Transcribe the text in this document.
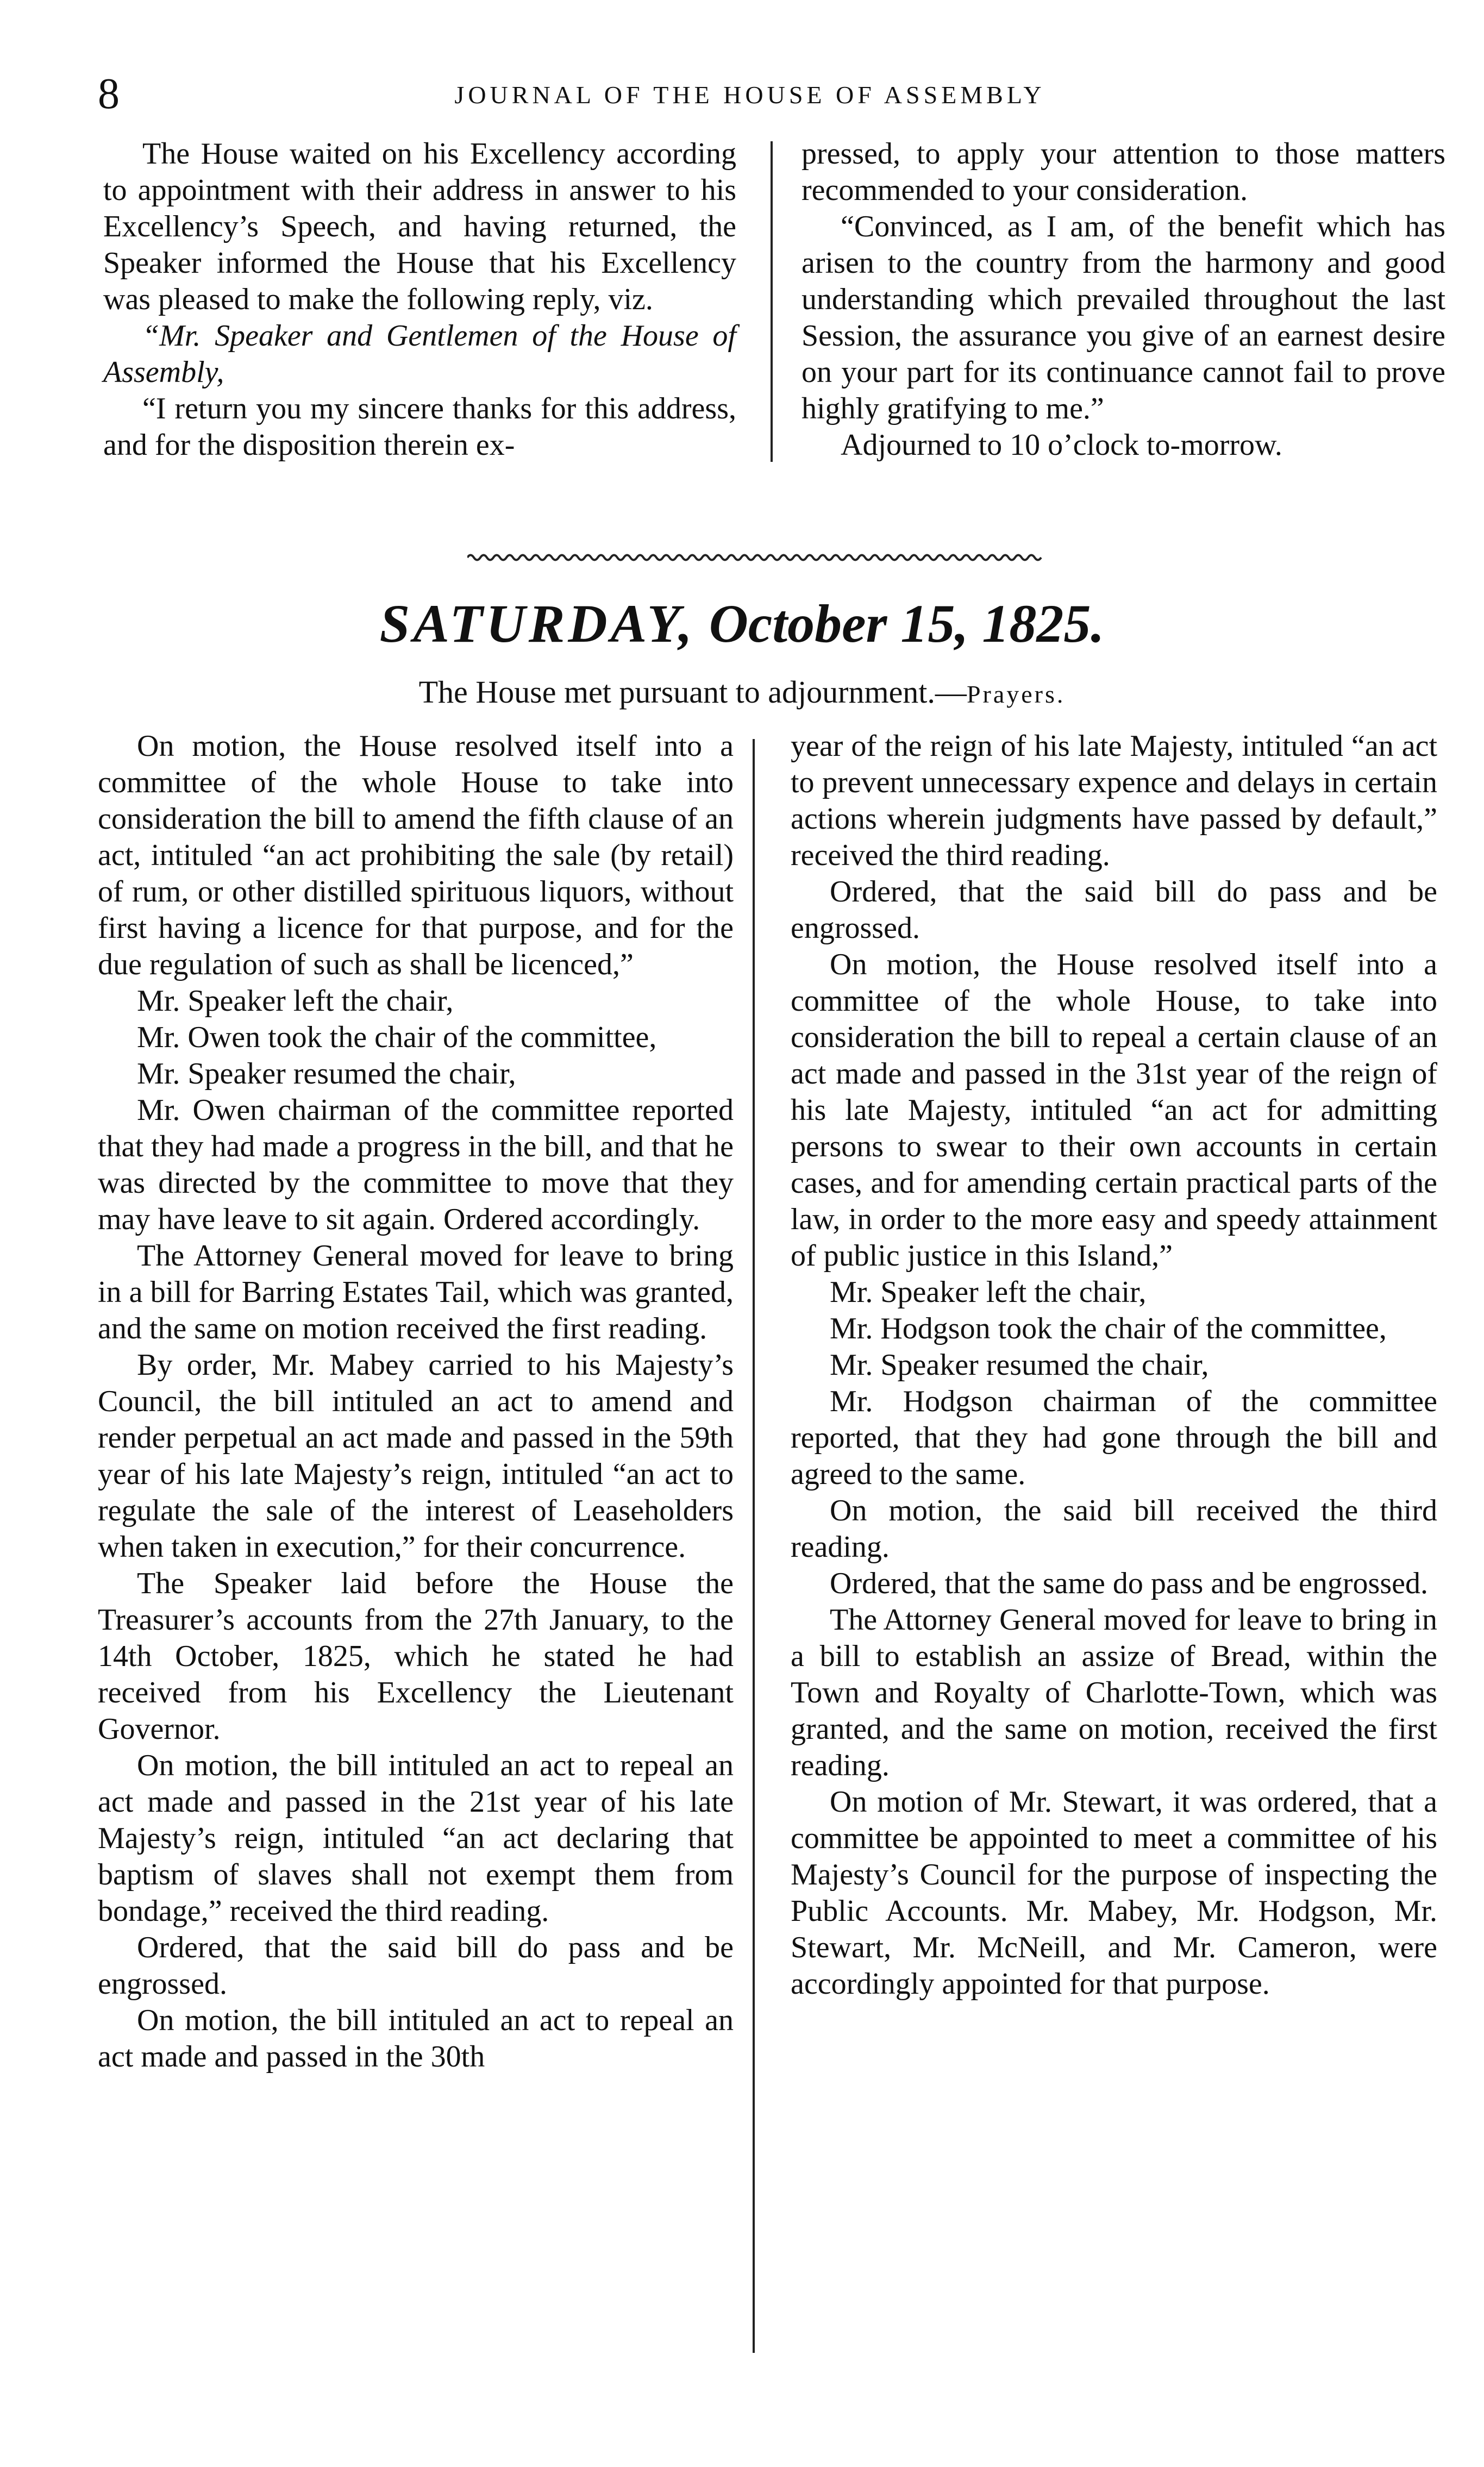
8	JOURNAL OF THE HOUSE OF ASSEMBLY

The House waited on his Excellency according to appointment with their address in answer to his Excellency’s Speech, and having returned, the Speaker informed the House that his Excellency was pleased to make the following reply, viz.

“Mr. Speaker and Gentlemen of the House of Assembly,

“I return you my sincere thanks for this address, and for the disposition therein ex-

pressed, to apply your attention to those matters recommended to your consideration.

“Convinced, as I am, of the benefit which has arisen to the country from the harmony and good understanding which prevailed throughout the last Session, the assurance you give of an earnest desire on your part for its continuance cannot fail to prove highly gratifying to me.”

Adjourned to 10 o’clock to-morrow.

SATURDAY, October 15, 1825.
The House met pursuant to adjournment.—Prayers.

On motion, the House resolved itself into a committee of the whole House to take into consideration the bill to amend the fifth clause of an act, intituled “an act prohibiting the sale (by retail) of rum, or other distilled spirituous liquors, without first having a licence for that purpose, and for the due regulation of such as shall be licenced,”

Mr. Speaker left the chair,

Mr. Owen took the chair of the committee,

Mr. Speaker resumed the chair,

Mr. Owen chairman of the committee reported that they had made a progress in the bill, and that he was directed by the committee to move that they may have leave to sit again. Ordered accordingly.

The Attorney General moved for leave to bring in a bill for Barring Estates Tail, which was granted, and the same on motion received the first reading.

By order, Mr. Mabey carried to his Majesty’s Council, the bill intituled an act to amend and render perpetual an act made and passed in the 59th year of his late Majesty’s reign, intituled “an act to regulate the sale of the interest of Leaseholders when taken in execution,” for their concurrence.

The Speaker laid before the House the Treasurer’s accounts from the 27th January, to the 14th October, 1825, which he stated he had received from his Excellency the Lieutenant Governor.

On motion, the bill intituled an act to repeal an act made and passed in the 21st year of his late Majesty’s reign, intituled “an act declaring that baptism of slaves shall not exempt them from bondage,” received the third reading.

Ordered, that the said bill do pass and be engrossed.

On motion, the bill intituled an act to repeal an act made and passed in the 30th

year of the reign of his late Majesty, intituled “an act to prevent unnecessary expence and delays in certain actions wherein judgments have passed by default,” received the third reading.

Ordered, that the said bill do pass and be engrossed.

On motion, the House resolved itself into a committee of the whole House, to take into consideration the bill to repeal a certain clause of an act made and passed in the 31st year of the reign of his late Majesty, intituled “an act for admitting persons to swear to their own accounts in certain cases, and for amending certain practical parts of the law, in order to the more easy and speedy attainment of public justice in this Island,”

Mr. Speaker left the chair,

Mr. Hodgson took the chair of the committee,

Mr. Speaker resumed the chair,

Mr. Hodgson chairman of the committee reported, that they had gone through the bill and agreed to the same.

On motion, the said bill received the third reading.

Ordered, that the same do pass and be engrossed.

The Attorney General moved for leave to bring in a bill to establish an assize of Bread, within the Town and Royalty of Charlotte-Town, which was granted, and the same on motion, received the first reading.

On motion of Mr. Stewart, it was ordered, that a committee be appointed to meet a committee of his Majesty’s Council for the purpose of inspecting the Public Accounts. Mr. Mabey, Mr. Hodgson, Mr. Stewart, Mr. McNeill, and Mr. Cameron, were accordingly appointed for that purpose.
